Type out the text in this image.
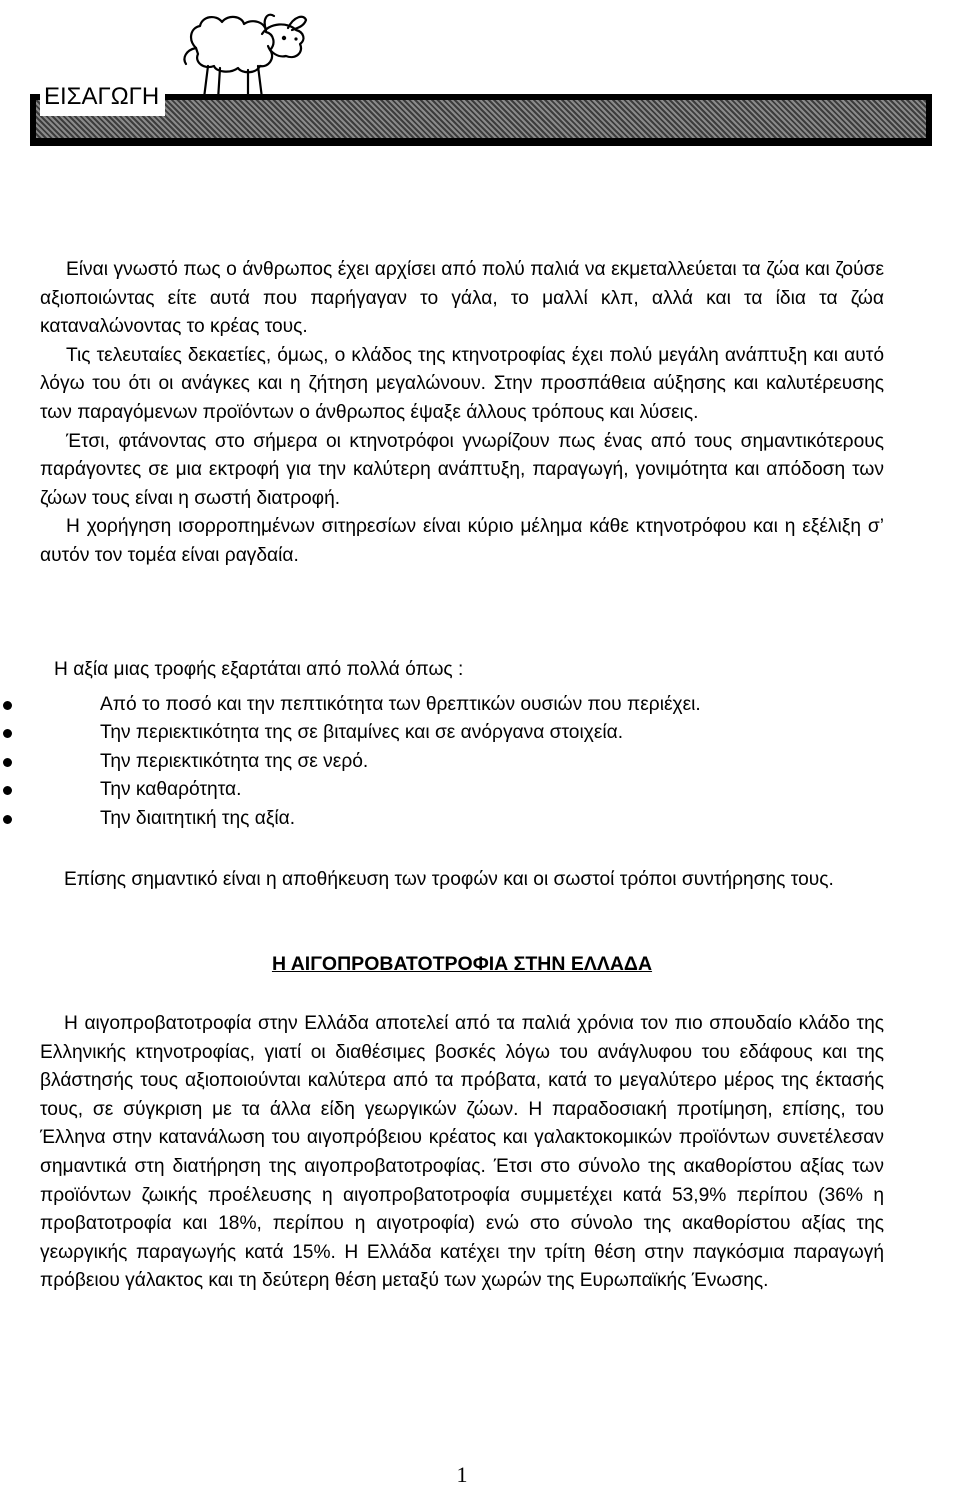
ΕΙΣΑΓΩΓΗ
Είναι γνωστό πως ο άνθρωπος έχει αρχίσει από πολύ παλιά να εκμεταλλεύεται τα ζώα και ζούσε αξιοποιώντας είτε αυτά που παρήγαγαν το γάλα, το μαλλί κλπ, αλλά και τα ίδια τα ζώα καταναλώνοντας το κρέας τους.
Τις τελευταίες δεκαετίες, όμως, ο κλάδος της κτηνοτροφίας έχει πολύ μεγάλη ανάπτυξη και αυτό λόγω του ότι οι ανάγκες και η ζήτηση μεγαλώνουν. Στην προσπάθεια αύξησης και καλυτέρευσης των παραγόμενων προϊόντων ο άνθρωπος έψαξε άλλους τρόπους και λύσεις.
Έτσι, φτάνοντας στο σήμερα οι κτηνοτρόφοι γνωρίζουν πως ένας από τους σημαντικότερους παράγοντες σε μια εκτροφή για την καλύτερη ανάπτυξη, παραγωγή, γονιμότητα και απόδοση των ζώων τους είναι η σωστή διατροφή.
Η χορήγηση ισορροπημένων σιτηρεσίων είναι κύριο μέλημα κάθε κτηνοτρόφου και η εξέλιξη σ’ αυτόν τον τομέα είναι ραγδαία.

Η αξία μιας τροφής εξαρτάται από πολλά όπως :

Από το ποσό και την πεπτικότητα των θρεπτικών ουσιών που περιέχει.
Την περιεκτικότητα της σε βιταμίνες και σε ανόργανα στοιχεία.
Την περιεκτικότητα της σε νερό.
Την καθαρότητα.
Την διαιτητική της αξία.

Επίσης σημαντικό είναι η αποθήκευση των τροφών και οι σωστοί τρόποι συντήρησης τους.

Η ΑΙΓΟΠΡΟΒΑΤΟΤΡΟΦΙΑ ΣΤΗΝ ΕΛΛΑΔΑ

Η αιγοπροβατοτροφία στην Ελλάδα αποτελεί από τα παλιά χρόνια τον πιο σπουδαίο κλάδο της Ελληνικής κτηνοτροφίας, γιατί οι διαθέσιμες βοσκές λόγω του ανάγλυφου του εδάφους και της βλάστησής τους αξιοποιούνται καλύτερα από τα πρόβατα, κατά το μεγαλύτερο μέρος της έκτασής τους, σε σύγκριση με τα άλλα είδη γεωργικών ζώων. Η παραδοσιακή προτίμηση, επίσης, του Έλληνα στην κατανάλωση του αιγοπρόβειου κρέατος και γαλακτοκομικών προϊόντων συνετέλεσαν σημαντικά στη διατήρηση της αιγοπροβατοτροφίας. Έτσι στο σύνολο της ακαθορίστου αξίας των προϊόντων ζωικής προέλευσης η αιγοπροβατοτροφία συμμετέχει κατά 53,9% περίπου (36% η προβατοτροφία και 18%, περίπου η αιγοτροφία) ενώ στο σύνολο της ακαθορίστου αξίας της γεωργικής παραγωγής κατά 15%. Η Ελλάδα κατέχει την τρίτη θέση στην παγκόσμια παραγωγή πρόβειου γάλακτος και τη δεύτερη θέση μεταξύ των χωρών της Ευρωπαϊκής Ένωσης.

1
